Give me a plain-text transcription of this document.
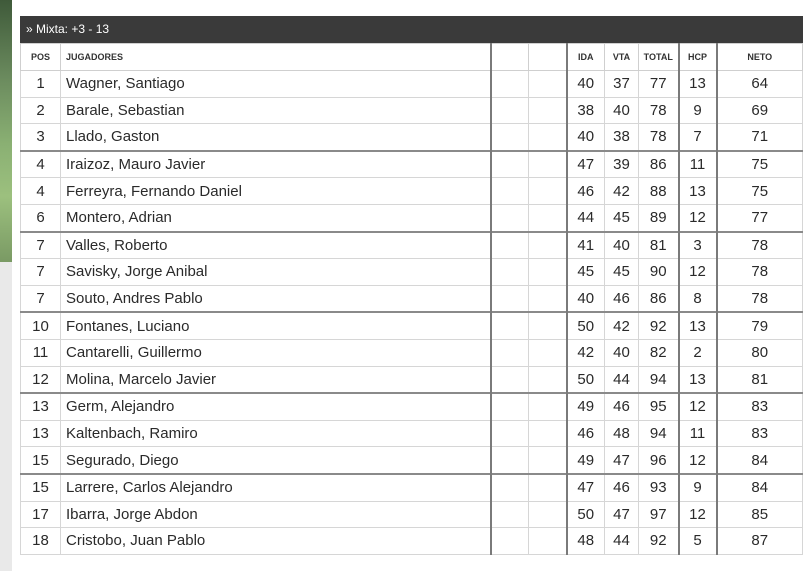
» Mixta: +3 - 13
POS	JUGADORES			IDA	VTA	TOTAL	HCP	NETO
1	Wagner, Santiago			40	37	77	13	64
2	Barale, Sebastian			38	40	78	9	69
3	Llado, Gaston			40	38	78	7	71
4	Iraizoz, Mauro Javier			47	39	86	11	75
4	Ferreyra, Fernando Daniel			46	42	88	13	75
6	Montero, Adrian			44	45	89	12	77
7	Valles, Roberto			41	40	81	3	78
7	Savisky, Jorge Anibal			45	45	90	12	78
7	Souto, Andres Pablo			40	46	86	8	78
10	Fontanes, Luciano			50	42	92	13	79
11	Cantarelli, Guillermo			42	40	82	2	80
12	Molina, Marcelo Javier			50	44	94	13	81
13	Germ, Alejandro			49	46	95	12	83
13	Kaltenbach, Ramiro			46	48	94	11	83
15	Segurado, Diego			49	47	96	12	84
15	Larrere, Carlos Alejandro			47	46	93	9	84
17	Ibarra, Jorge Abdon			50	47	97	12	85
18	Cristobo, Juan Pablo			48	44	92	5	87
